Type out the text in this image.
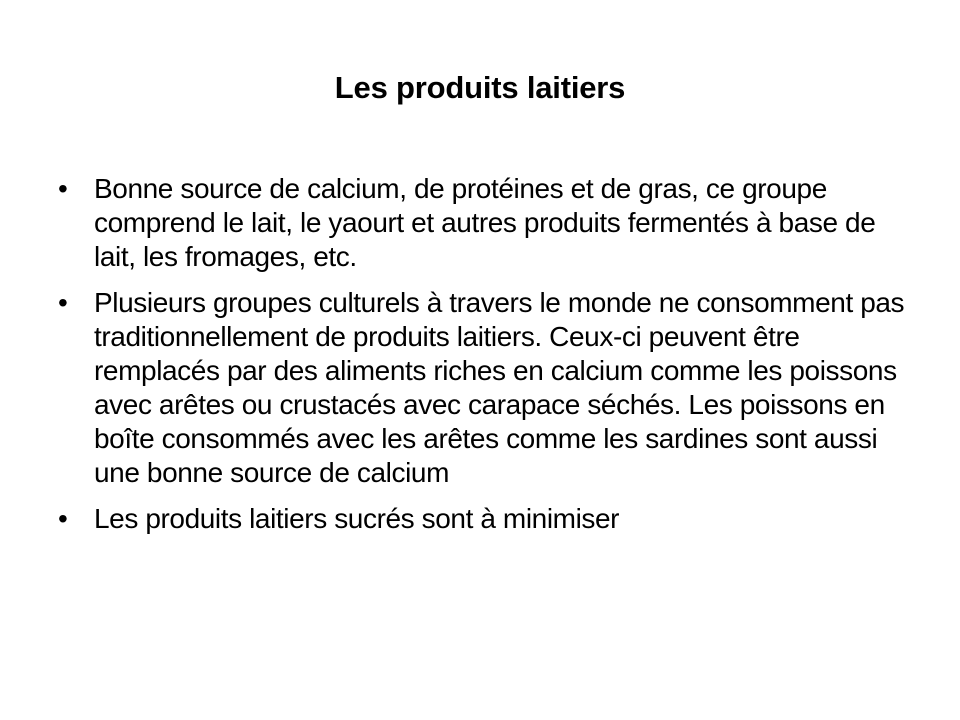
Les produits laitiers
• Bonne source de calcium, de protéines et de gras, ce groupe comprend le lait, le yaourt et autres produits fermentés à base de lait, les fromages, etc.
• Plusieurs groupes culturels à travers le monde ne consomment pas traditionnellement de produits laitiers. Ceux-ci peuvent être remplacés par des aliments riches en calcium comme les poissons avec arêtes ou crustacés avec carapace séchés. Les poissons en boîte consommés avec les arêtes comme les sardines sont aussi une bonne source de calcium
• Les produits laitiers sucrés sont à minimiser
